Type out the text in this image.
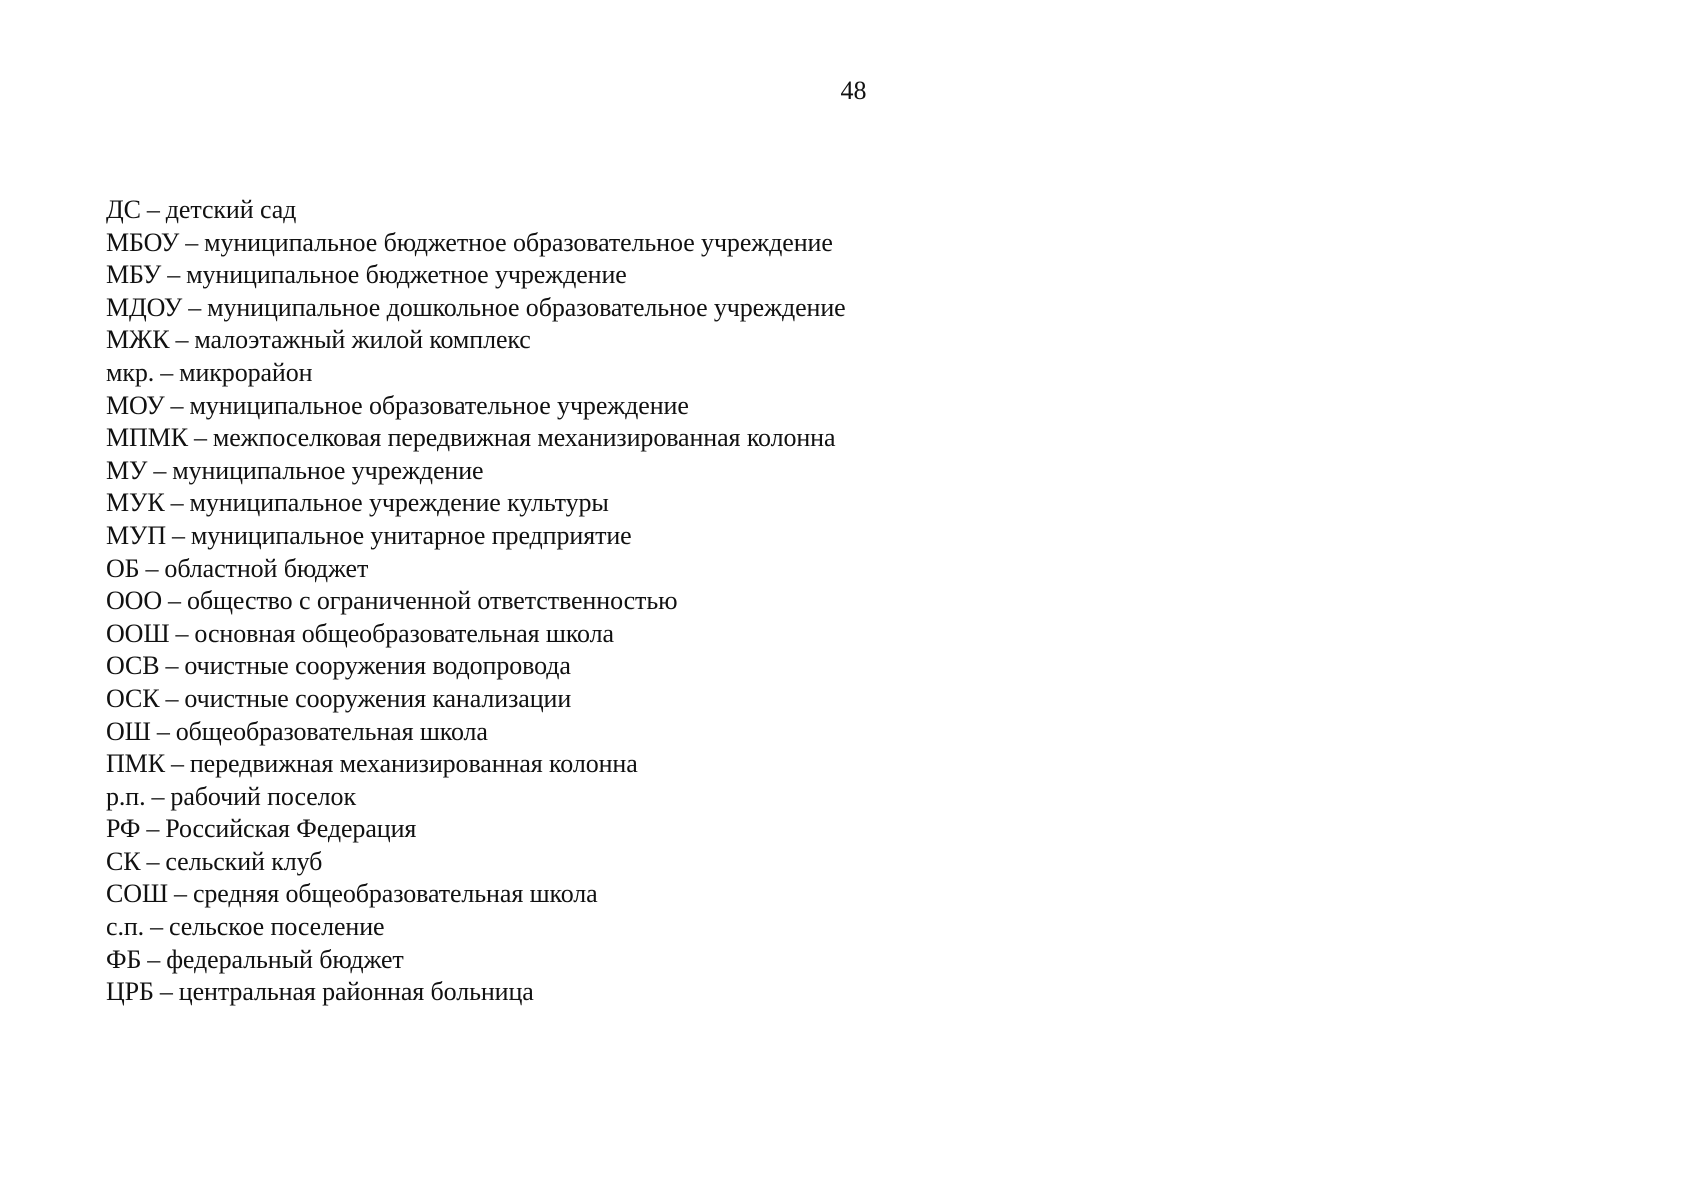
48
ДС – детский сад
МБОУ – муниципальное бюджетное образовательное учреждение
МБУ – муниципальное бюджетное учреждение
МДОУ – муниципальное дошкольное образовательное учреждение
МЖК – малоэтажный жилой комплекс
мкр. – микрорайон
МОУ – муниципальное образовательное учреждение
МПМК – межпоселковая передвижная механизированная колонна
МУ – муниципальное учреждение
МУК – муниципальное учреждение культуры
МУП – муниципальное унитарное предприятие
ОБ – областной бюджет
ООО – общество с ограниченной ответственностью
ООШ – основная общеобразовательная школа
ОСВ – очистные сооружения водопровода
ОСК – очистные сооружения канализации
ОШ – общеобразовательная школа
ПМК – передвижная механизированная колонна
р.п. – рабочий поселок
РФ – Российская Федерация
СК – сельский клуб
СОШ – средняя общеобразовательная школа
с.п. – сельское поселение
ФБ – федеральный бюджет
ЦРБ – центральная районная больница
